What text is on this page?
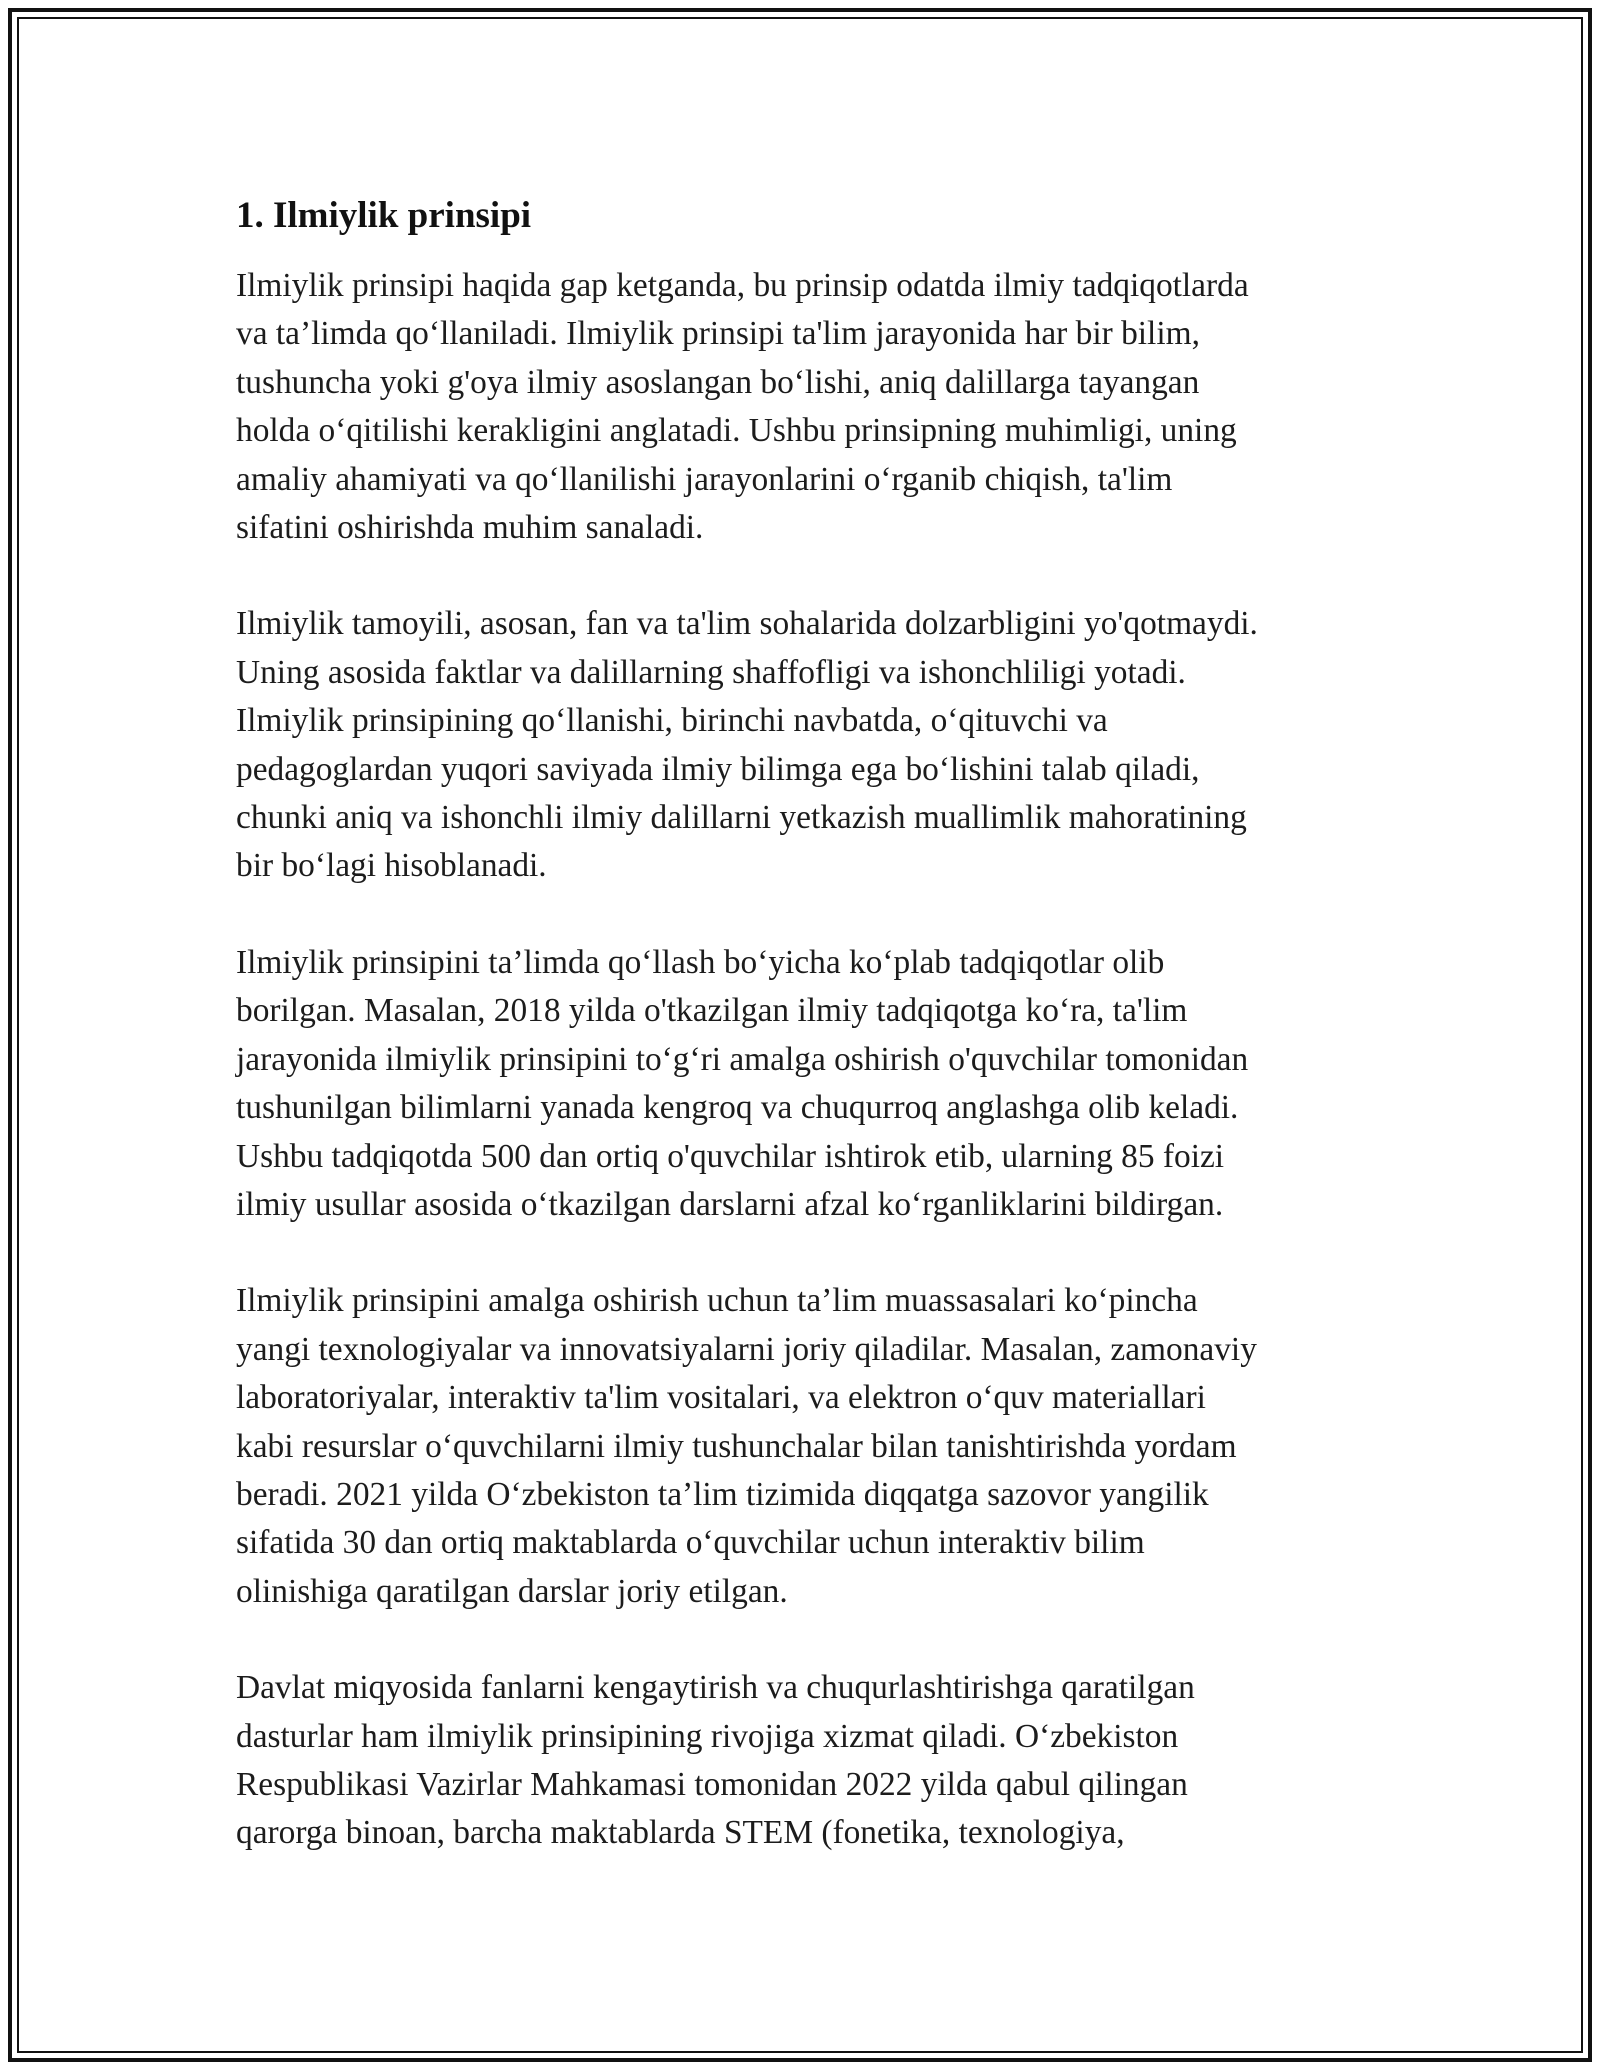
1. Ilmiylik prinsipi

Ilmiylik prinsipi haqida gap ketganda, bu prinsip odatda ilmiy tadqiqotlarda
va ta’limda qo‘llaniladi. Ilmiylik prinsipi ta'lim jarayonida har bir bilim,
tushuncha yoki g'oya ilmiy asoslangan bo‘lishi, aniq dalillarga tayangan
holda o‘qitilishi kerakligini anglatadi. Ushbu prinsipning muhimligi, uning
amaliy ahamiyati va qo‘llanilishi jarayonlarini o‘rganib chiqish, ta'lim
sifatini oshirishda muhim sanaladi.

Ilmiylik tamoyili, asosan, fan va ta'lim sohalarida dolzarbligini yo'qotmaydi.
Uning asosida faktlar va dalillarning shaffofligi va ishonchliligi yotadi.
Ilmiylik prinsipining qo‘llanishi, birinchi navbatda, o‘qituvchi va
pedagoglardan yuqori saviyada ilmiy bilimga ega bo‘lishini talab qiladi,
chunki aniq va ishonchli ilmiy dalillarni yetkazish muallimlik mahoratining
bir bo‘lagi hisoblanadi.

Ilmiylik prinsipini ta’limda qo‘llash bo‘yicha ko‘plab tadqiqotlar olib
borilgan. Masalan, 2018 yilda o'tkazilgan ilmiy tadqiqotga ko‘ra, ta'lim
jarayonida ilmiylik prinsipini to‘g‘ri amalga oshirish o'quvchilar tomonidan
tushunilgan bilimlarni yanada kengroq va chuqurroq anglashga olib keladi.
Ushbu tadqiqotda 500 dan ortiq o'quvchilar ishtirok etib, ularning 85 foizi
ilmiy usullar asosida o‘tkazilgan darslarni afzal ko‘rganliklarini bildirgan.

Ilmiylik prinsipini amalga oshirish uchun ta’lim muassasalari ko‘pincha
yangi texnologiyalar va innovatsiyalarni joriy qiladilar. Masalan, zamonaviy
laboratoriyalar, interaktiv ta'lim vositalari, va elektron o‘quv materiallari
kabi resurslar o‘quvchilarni ilmiy tushunchalar bilan tanishtirishda yordam
beradi. 2021 yilda O‘zbekiston ta’lim tizimida diqqatga sazovor yangilik
sifatida 30 dan ortiq maktablarda o‘quvchilar uchun interaktiv bilim
olinishiga qaratilgan darslar joriy etilgan.

Davlat miqyosida fanlarni kengaytirish va chuqurlashtirishga qaratilgan
dasturlar ham ilmiylik prinsipining rivojiga xizmat qiladi. O‘zbekiston
Respublikasi Vazirlar Mahkamasi tomonidan 2022 yilda qabul qilingan
qarorga binoan, barcha maktablarda STEM (fonetika, texnologiya,
